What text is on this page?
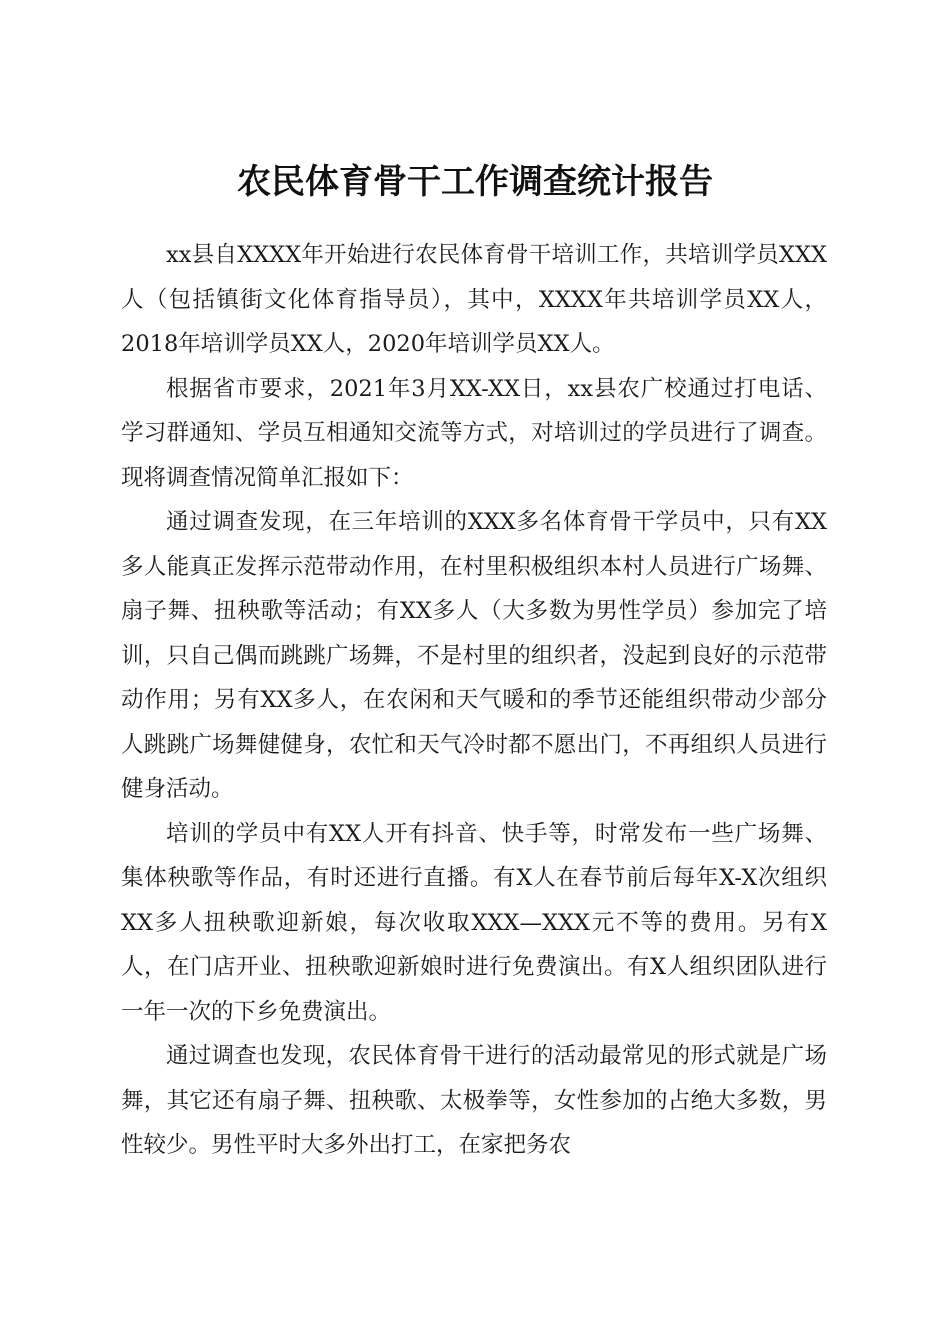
农民体育骨干工作调查统计报告

xx县自XXXX年开始进行农民体育骨干培训工作，共培训学员XXX人（包括镇街文化体育指导员），其中，XXXX年共培训学员XX人，2018年培训学员XX人，2020年培训学员XX人。

根据省市要求，2021年3月XX-XX日，xx县农广校通过打电话、学习群通知、学员互相通知交流等方式，对培训过的学员进行了调查。现将调查情况简单汇报如下：

通过调查发现，在三年培训的XXX多名体育骨干学员中，只有XX多人能真正发挥示范带动作用，在村里积极组织本村人员进行广场舞、扇子舞、扭秧歌等活动；有XX多人（大多数为男性学员）参加完了培训，只自己偶而跳跳广场舞，不是村里的组织者，没起到良好的示范带动作用；另有XX多人，在农闲和天气暖和的季节还能组织带动少部分人跳跳广场舞健健身，农忙和天气冷时都不愿出门，不再组织人员进行健身活动。

培训的学员中有XX人开有抖音、快手等，时常发布一些广场舞、集体秧歌等作品，有时还进行直播。有X人在春节前后每年X-X次组织XX多人扭秧歌迎新娘，每次收取XXX—XXX元不等的费用。另有X人，在门店开业、扭秧歌迎新娘时进行免费演出。有X人组织团队进行一年一次的下乡免费演出。

通过调查也发现，农民体育骨干进行的活动最常见的形式就是广场舞，其它还有扇子舞、扭秧歌、太极拳等，女性参加的占绝大多数，男性较少。男性平时大多外出打工，在家把务农
